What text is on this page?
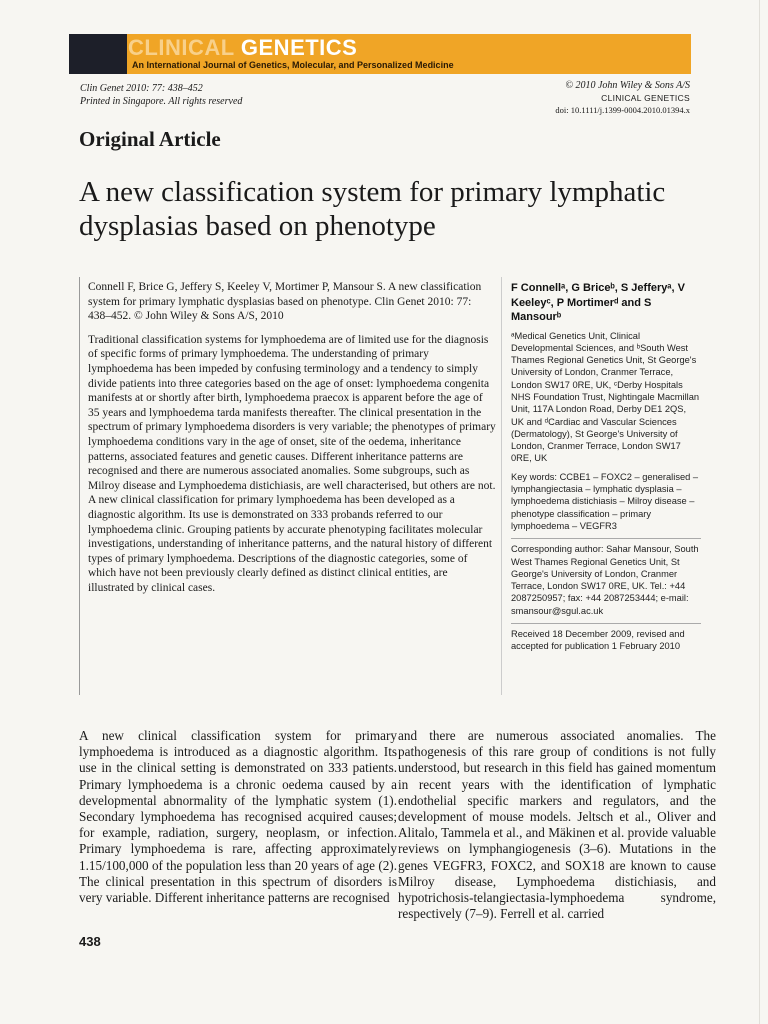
CLINICAL GENETICS
An International Journal of Genetics, Molecular, and Personalized Medicine
Clin Genet 2010: 77: 438–452
Printed in Singapore. All rights reserved
© 2010 John Wiley & Sons A/S
CLINICAL GENETICS
doi: 10.1111/j.1399-0004.2010.01394.x
Original Article
A new classification system for primary lymphatic dysplasias based on phenotype

Connell F, Brice G, Jeffery S, Keeley V, Mortimer P, Mansour S. A new classification system for primary lymphatic dysplasias based on phenotype. Clin Genet 2010: 77: 438–452. © John Wiley & Sons A/S, 2010

Traditional classification systems for lymphoedema are of limited use for the diagnosis of specific forms of primary lymphoedema. The understanding of primary lymphoedema has been impeded by confusing terminology and a tendency to simply divide patients into three categories based on the age of onset: lymphoedema congenita manifests at or shortly after birth, lymphoedema praecox is apparent before the age of 35 years and lymphoedema tarda manifests thereafter. The clinical presentation in the spectrum of primary lymphoedema disorders is very variable; the phenotypes of primary lymphoedema conditions vary in the age of onset, site of the oedema, inheritance patterns, associated features and genetic causes. Different inheritance patterns are recognised and there are numerous associated anomalies. Some subgroups, such as Milroy disease and Lymphoedema distichiasis, are well characterised, but others are not. A new clinical classification for primary lymphoedema has been developed as a diagnostic algorithm. Its use is demonstrated on 333 probands referred to our lymphoedema clinic. Grouping patients by accurate phenotyping facilitates molecular investigations, understanding of inheritance patterns, and the natural history of different types of primary lymphoedema. Descriptions of the diagnostic categories, some of which have not been previously clearly defined as distinct clinical entities, are illustrated by clinical cases.

F Connellᵃ, G Briceᵇ, S Jefferyᵃ, V Keeleyᶜ, P Mortimerᵈ and S Mansourᵇ

ᵃMedical Genetics Unit, Clinical Developmental Sciences, and ᵇSouth West Thames Regional Genetics Unit, St George's University of London, Cranmer Terrace, London SW17 0RE, UK, ᶜDerby Hospitals NHS Foundation Trust, Nightingale Macmillan Unit, 117A London Road, Derby DE1 2QS, UK and ᵈCardiac and Vascular Sciences (Dermatology), St George's University of London, Cranmer Terrace, London SW17 0RE, UK

Key words: CCBE1 – FOXC2 – generalised – lymphangiectasia – lymphatic dysplasia – lymphoedema distichiasis – Milroy disease – phenotype classification – primary lymphoedema – VEGFR3

Corresponding author: Sahar Mansour, South West Thames Regional Genetics Unit, St George's University of London, Cranmer Terrace, London SW17 0RE, UK. Tel.: +44 2087250957; fax: +44 2087253444; e-mail: smansour@sgul.ac.uk

Received 18 December 2009, revised and accepted for publication 1 February 2010

A new clinical classification system for primary lymphoedema is introduced as a diagnostic algorithm. Its use in the clinical setting is demonstrated on 333 patients. Primary lymphoedema is a chronic oedema caused by a developmental abnormality of the lymphatic system (1). Secondary lymphoedema has recognised acquired causes; for example, radiation, surgery, neoplasm, or infection. Primary lymphoedema is rare, affecting approximately 1.15/100,000 of the population less than 20 years of age (2). The clinical presentation in this spectrum of disorders is very variable. Different inheritance patterns are recognised
and there are numerous associated anomalies. The pathogenesis of this rare group of conditions is not fully understood, but research in this field has gained momentum in recent years with the identification of lymphatic endothelial specific markers and regulators, and the development of mouse models. Jeltsch et al., Oliver and Alitalo, Tammela et al., and Mäkinen et al. provide valuable reviews on lymphangiogenesis (3–6). Mutations in the genes VEGFR3, FOXC2, and SOX18 are known to cause Milroy disease, Lymphoedema distichiasis, and hypotrichosis-telangiectasia-lymphoedema syndrome, respectively (7–9). Ferrell et al. carried
438
